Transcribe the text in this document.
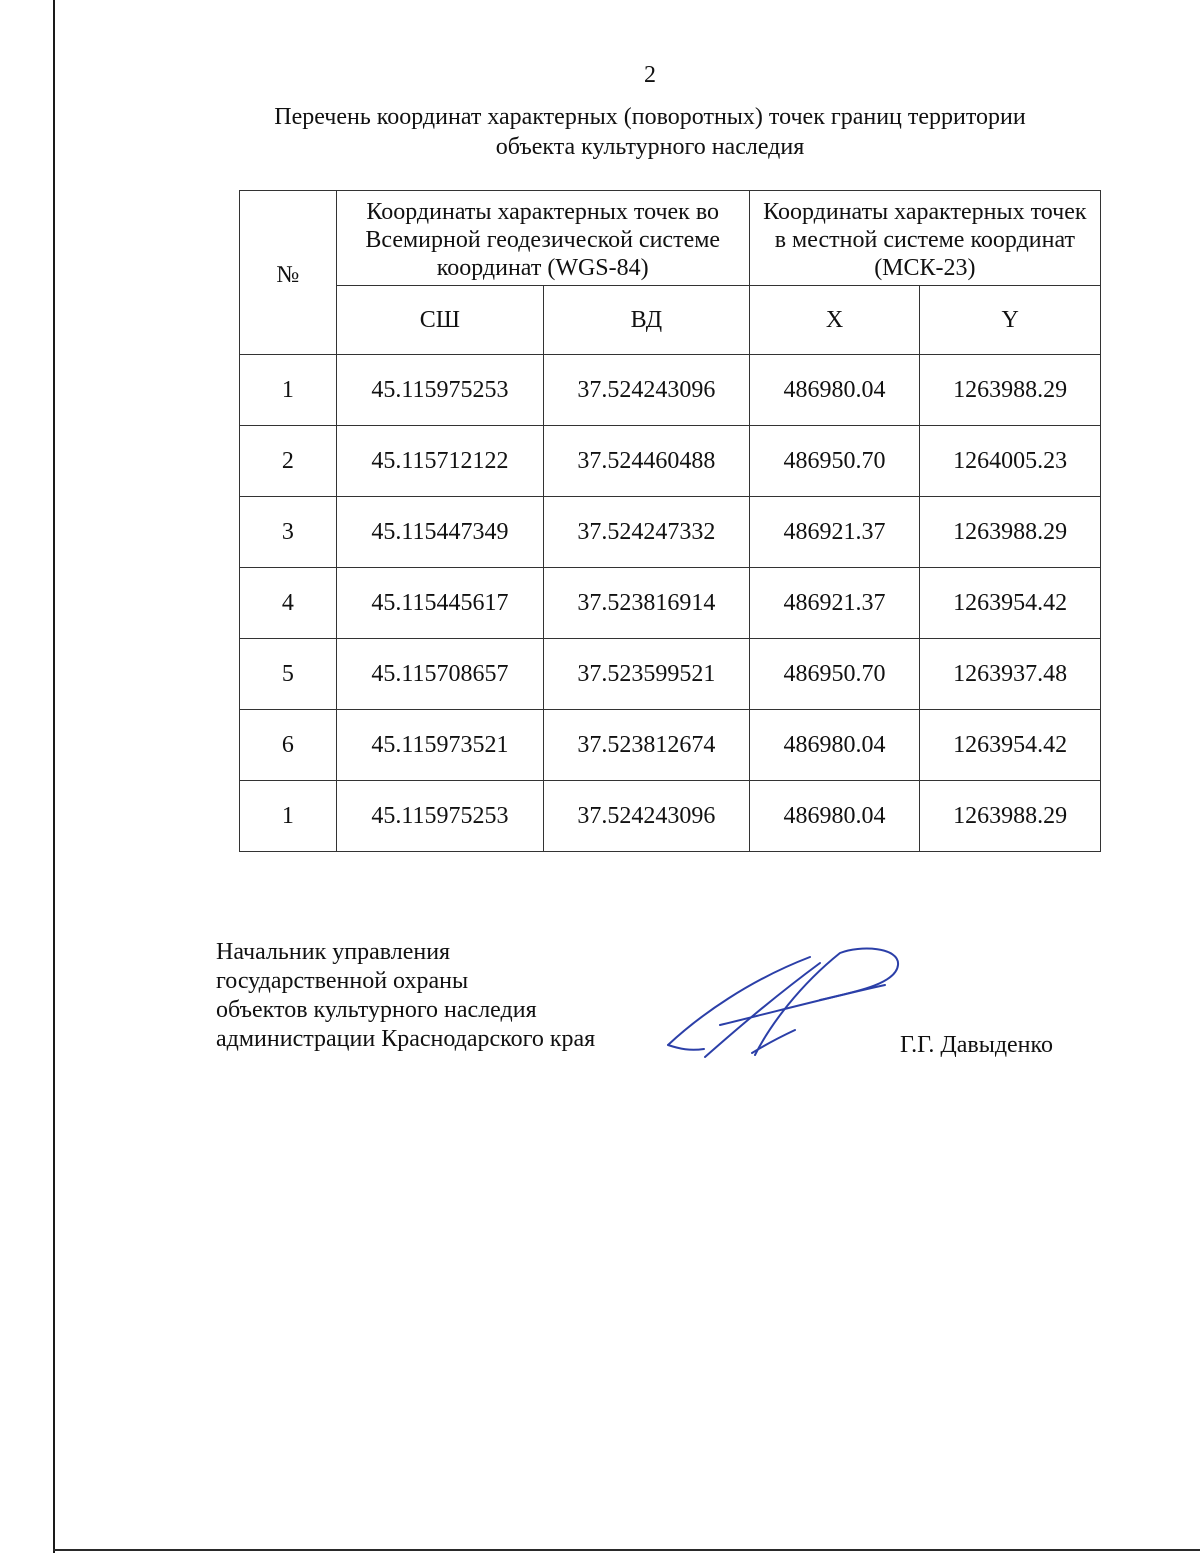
2
Перечень координат характерных (поворотных) точек границ территории
объекта культурного наследия
№	Координаты характерных точек во Всемирной геодезической системе координат (WGS-84)		Координаты характерных точек в местной системе координат (МСК-23)	
	СШ	ВД	X	Y
1	45.115975253	37.524243096	486980.04	1263988.29
2	45.115712122	37.524460488	486950.70	1264005.23
3	45.115447349	37.524247332	486921.37	1263988.29
4	45.115445617	37.523816914	486921.37	1263954.42
5	45.115708657	37.523599521	486950.70	1263937.48
6	45.115973521	37.523812674	486980.04	1263954.42
1	45.115975253	37.524243096	486980.04	1263988.29
Начальник управления
государственной охраны
объектов культурного наследия
администрации Краснодарского края	Г.Г. Давыденко
